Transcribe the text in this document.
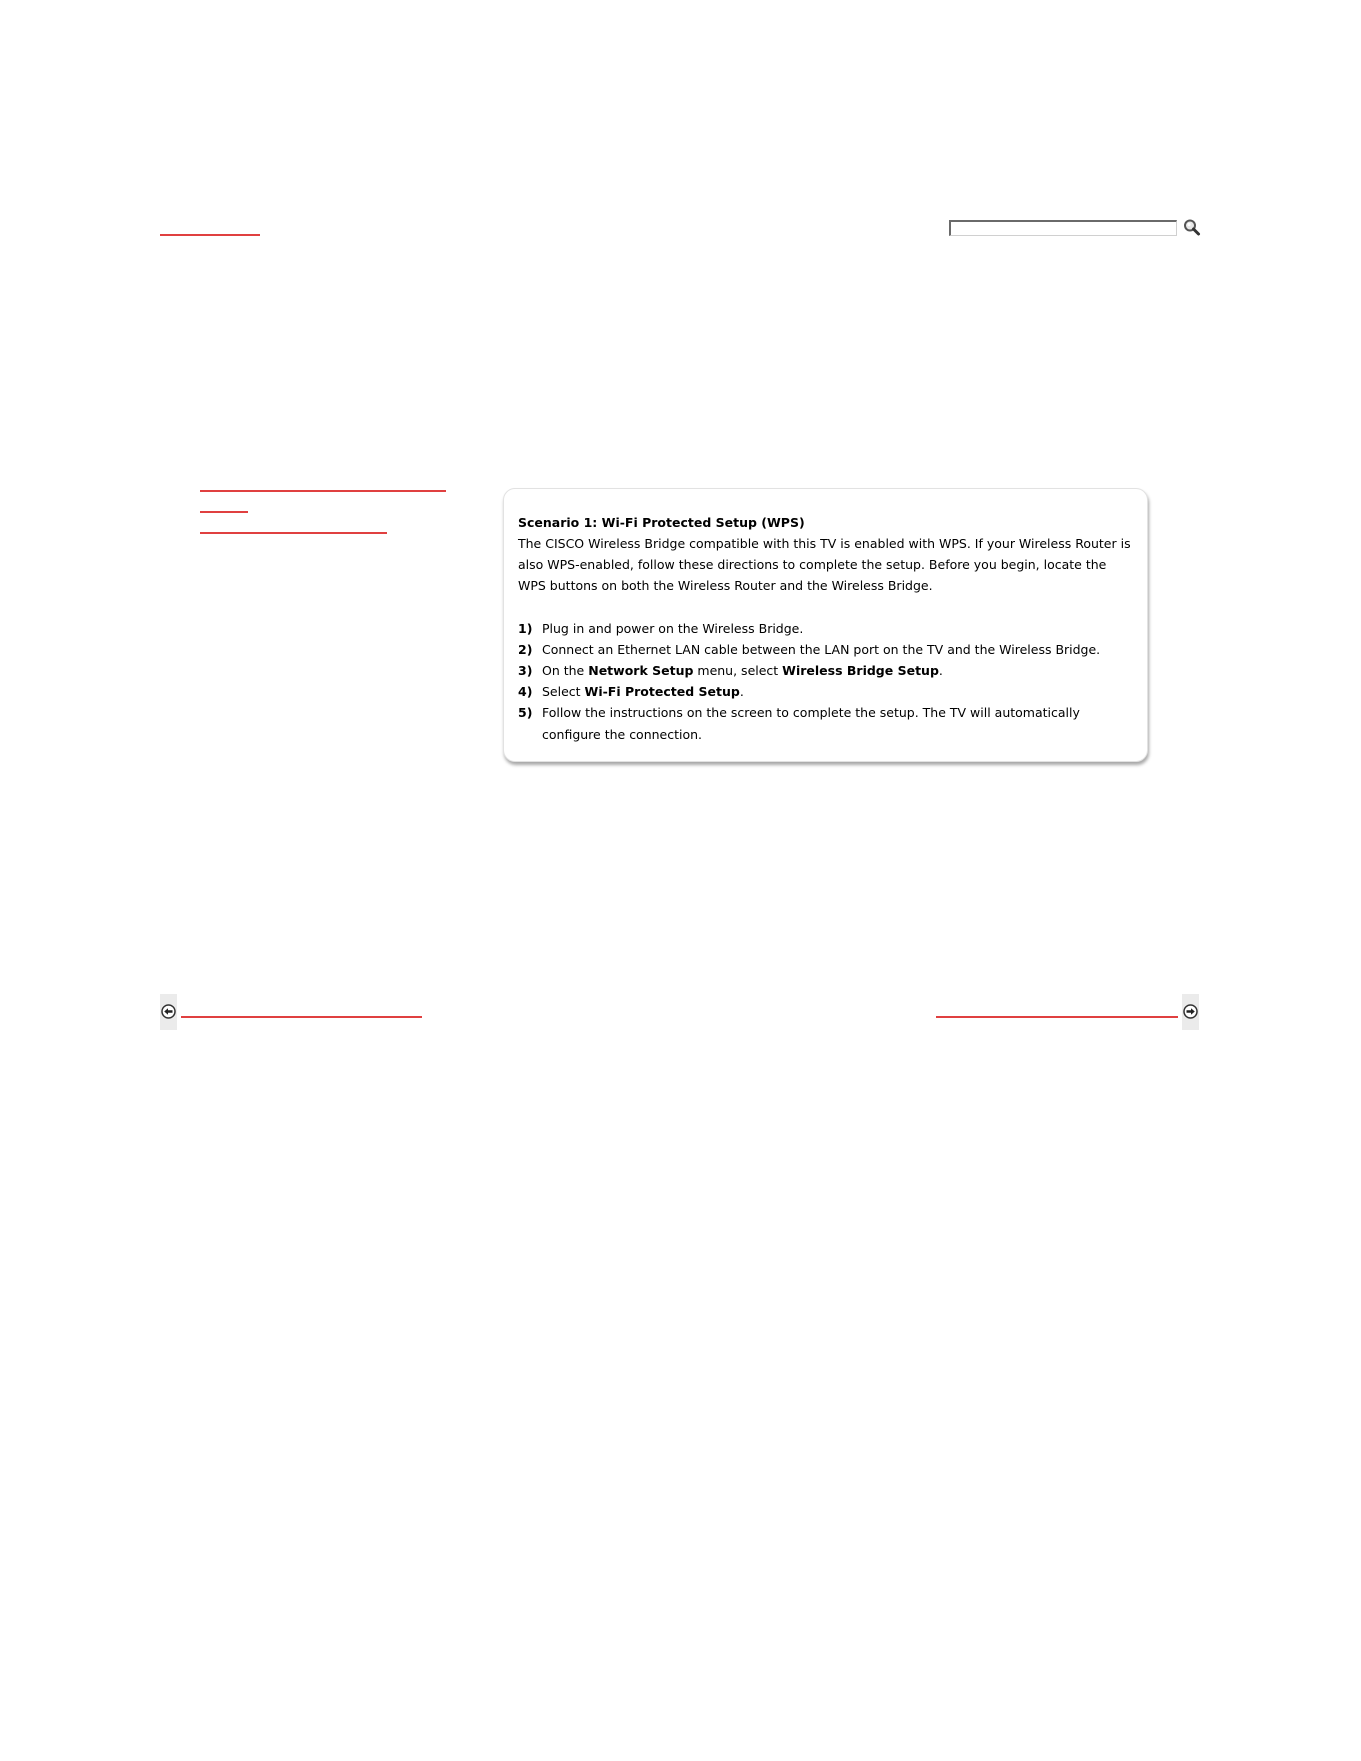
Scenario 1: Wi-Fi Protected Setup (WPS)

The CISCO Wireless Bridge compatible with this TV is enabled with WPS. If your Wireless Router is also WPS-enabled, follow these directions to complete the setup. Before you begin, locate the WPS buttons on both the Wireless Router and the Wireless Bridge.

1) Plug in and power on the Wireless Bridge.
2) Connect an Ethernet LAN cable between the LAN port on the TV and the Wireless Bridge.
3) On the Network Setup menu, select Wireless Bridge Setup.
4) Select Wi-Fi Protected Setup.
5) Follow the instructions on the screen to complete the setup. The TV will automatically configure the connection.
